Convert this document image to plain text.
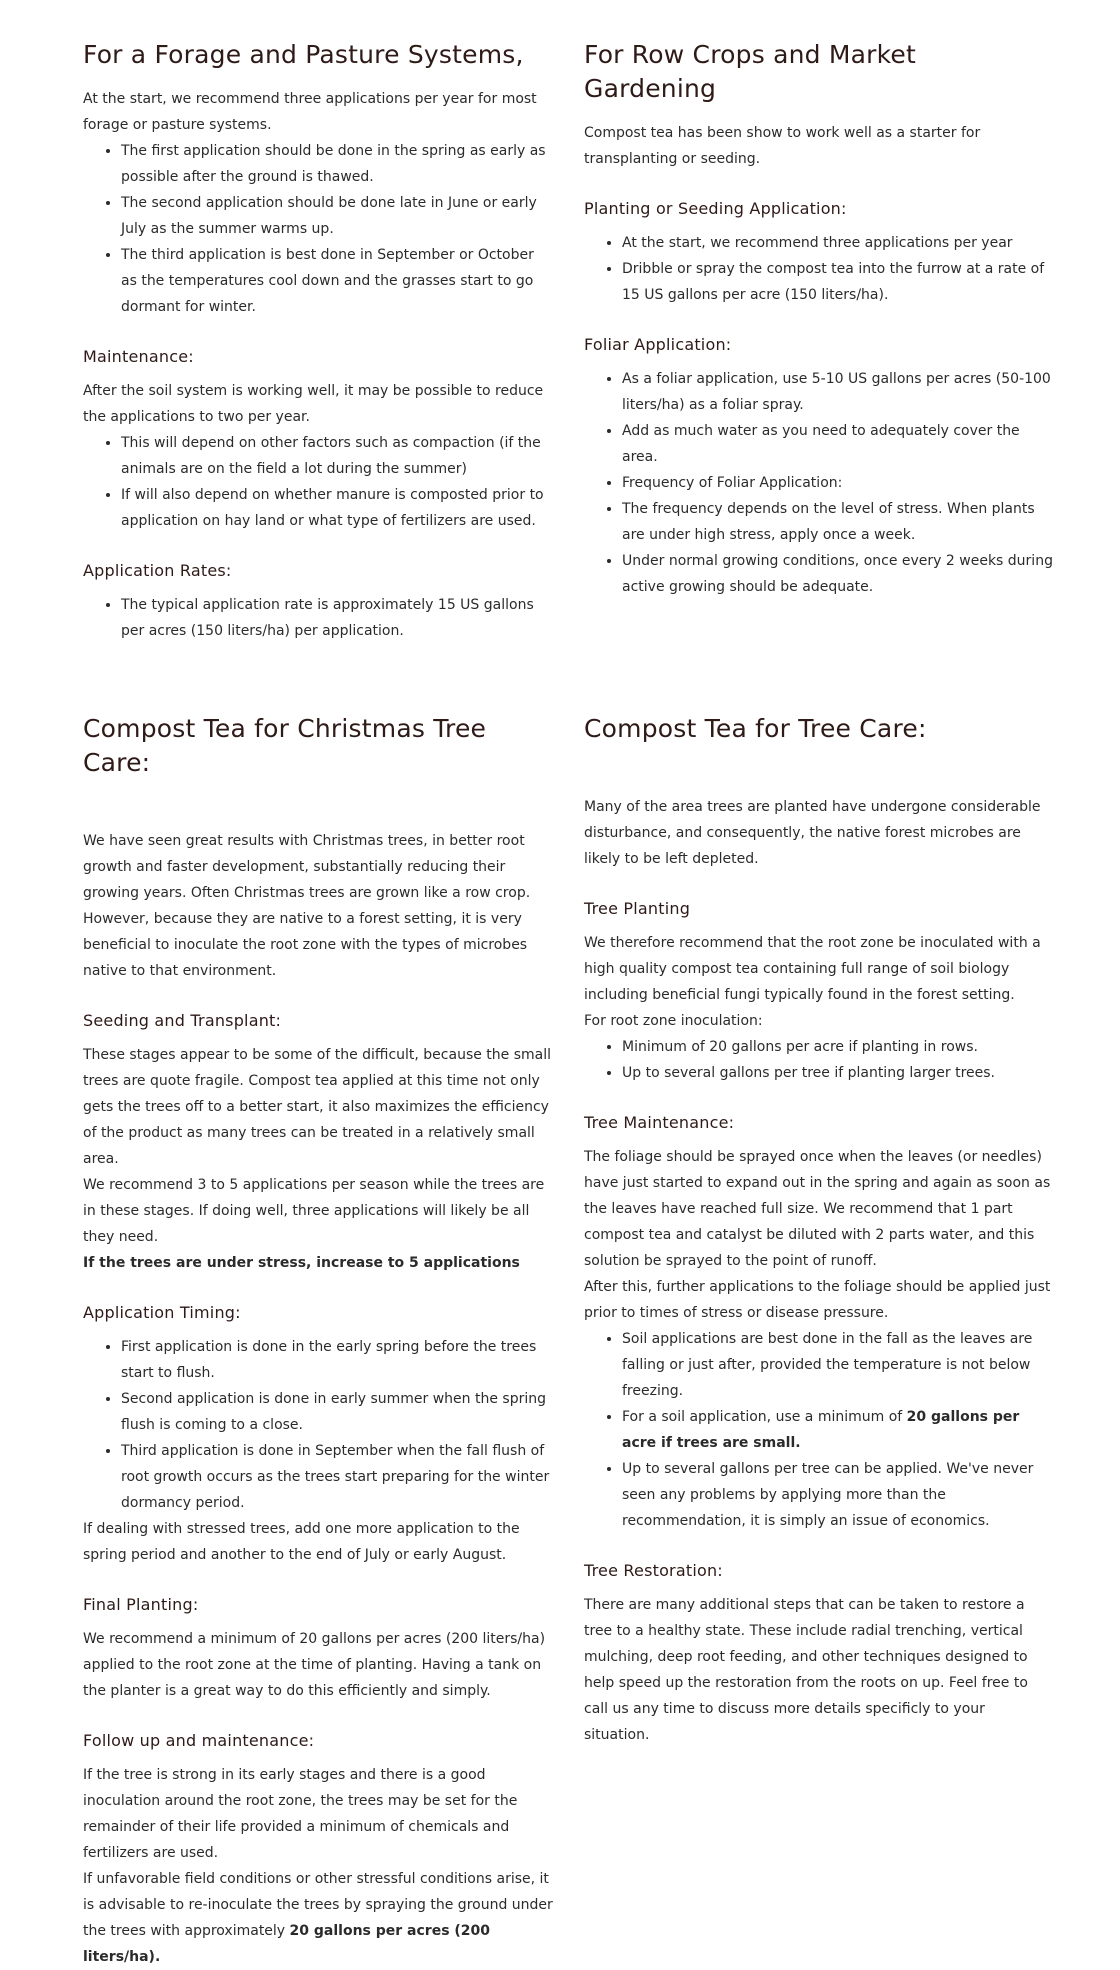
For a Forage and Pasture Systems,

At the start, we recommend three applications per year for most forage or pasture systems.

• The first application should be done in the spring as early as possible after the ground is thawed.
• The second application should be done late in June or early July as the summer warms up.
• The third application is best done in September or October as the temperatures cool down and the grasses start to go dormant for winter.
Maintenance:

After the soil system is working well, it may be possible to reduce the applications to two per year.

• This will depend on other factors such as compaction (if the animals are on the field a lot during the summer)
• If will also depend on whether manure is composted prior to application on hay land or what type of fertilizers are used.
Application Rates:
• The typical application rate is approximately 15 US gallons per acres (150 liters/ha) per application.
For Row Crops and Market Gardening

Compost tea has been show to work well as a starter for transplanting or seeding.

Planting or Seeding Application:
• At the start, we recommend three applications per year
• Dribble or spray the compost tea into the furrow at a rate of 15 US gallons per acre (150 liters/ha).
Foliar Application:
• As a foliar application, use 5-10 US gallons per acres (50-100 liters/ha) as a foliar spray.
• Add as much water as you need to adequately cover the area.
• Frequency of Foliar Application:
• The frequency depends on the level of stress. When plants are under high stress, apply once a week.
• Under normal growing conditions, once every 2 weeks during active growing should be adequate.
Compost Tea for Christmas Tree Care:

We have seen great results with Christmas trees, in better root growth and faster development, substantially reducing their growing years. Often Christmas trees are grown like a row crop. However, because they are native to a forest setting, it is very beneficial to inoculate the root zone with the types of microbes native to that environment.

Seeding and Transplant:

These stages appear to be some of the difficult, because the small trees are quote fragile. Compost tea applied at this time not only gets the trees off to a better start, it also maximizes the efficiency of the product as many trees can be treated in a relatively small area.

We recommend 3 to 5 applications per season while the trees are in these stages. If doing well, three applications will likely be all they need.

If the trees are under stress, increase to 5 applications

Application Timing:
• First application is done in the early spring before the trees start to flush.
• Second application is done in early summer when the spring flush is coming to a close.
• Third application is done in September when the fall flush of root growth occurs as the trees start preparing for the winter dormancy period.

If dealing with stressed trees, add one more application to the spring period and another to the end of July or early August.

Final Planting:

We recommend a minimum of 20 gallons per acres (200 liters/ha) applied to the root zone at the time of planting. Having a tank on the planter is a great way to do this efficiently and simply.

Follow up and maintenance:

If the tree is strong in its early stages and there is a good inoculation around the root zone, the trees may be set for the remainder of their life provided a minimum of chemicals and fertilizers are used.

If unfavorable field conditions or other stressful conditions arise, it is advisable to re-inoculate the trees by spraying the ground under the trees with approximately 20 gallons per acres (200 liters/ha).

Compost Tea for Tree Care:

Many of the area trees are planted have undergone considerable disturbance, and consequently, the native forest microbes are likely to be left depleted.

Tree Planting

We therefore recommend that the root zone be inoculated with a high quality compost tea containing full range of soil biology including beneficial fungi typically found in the forest setting.

For root zone inoculation:

• Minimum of 20 gallons per acre if planting in rows.
• Up to several gallons per tree if planting larger trees.
Tree Maintenance:

The foliage should be sprayed once when the leaves (or needles) have just started to expand out in the spring and again as soon as the leaves have reached full size. We recommend that 1 part compost tea and catalyst be diluted with 2 parts water, and this solution be sprayed to the point of runoff.

After this, further applications to the foliage should be applied just prior to times of stress or disease pressure.

• Soil applications are best done in the fall as the leaves are falling or just after, provided the temperature is not below freezing.
• For a soil application, use a minimum of 20 gallons per acre if trees are small.
• Up to several gallons per tree can be applied. We've never seen any problems by applying more than the recommendation, it is simply an issue of economics.
Tree Restoration:

There are many additional steps that can be taken to restore a tree to a healthy state. These include radial trenching, vertical mulching, deep root feeding, and other techniques designed to help speed up the restoration from the roots on up. Feel free to call us any time to discuss more details specificly to your situation.
